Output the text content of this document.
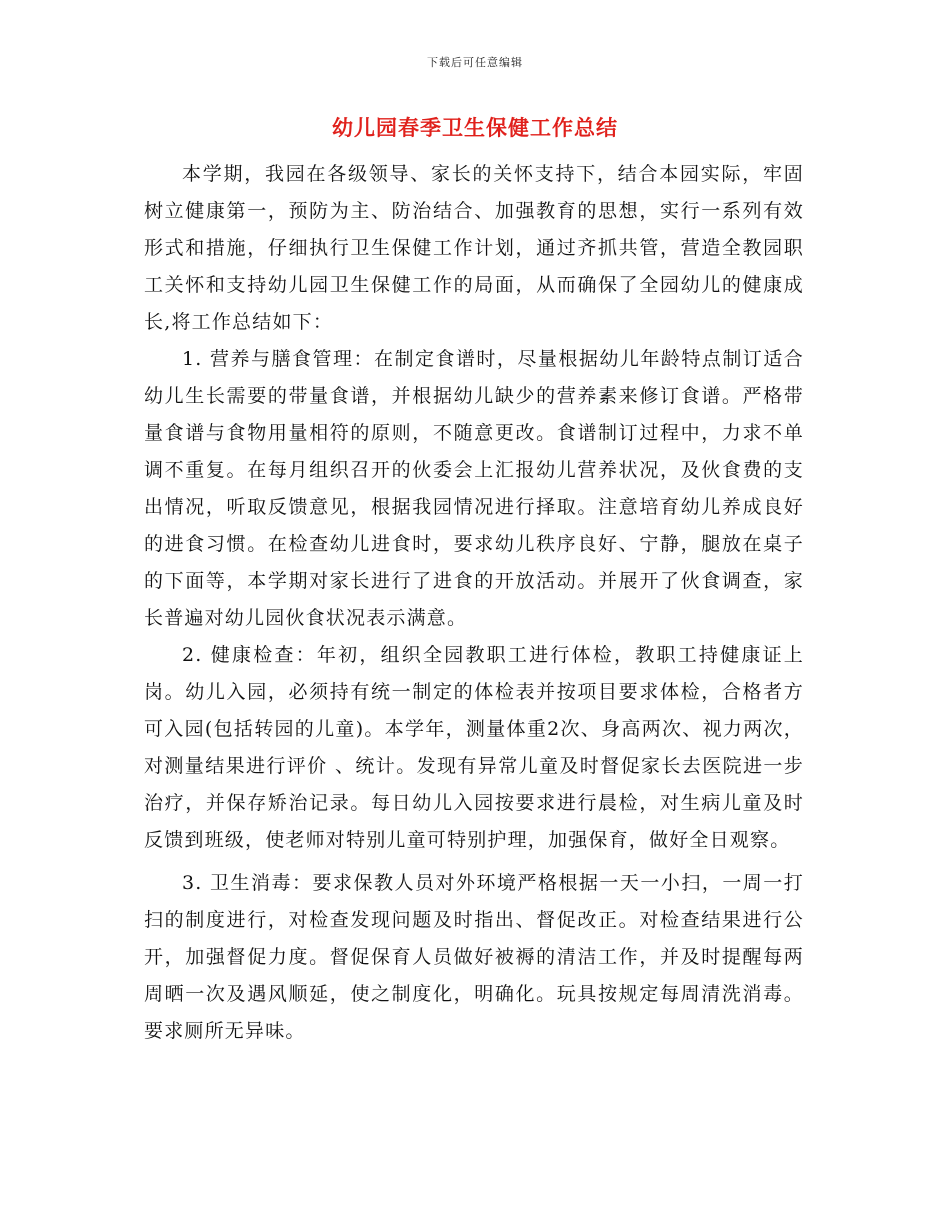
下载后可任意编辑
幼儿园春季卫生保健工作总结

本学期，我园在各级领导、家长的关怀支持下，结合本园实际，牢固树立健康第一，预防为主、防治结合、加强教育的思想，实行一系列有效形式和措施，仔细执行卫生保健工作计划，通过齐抓共管，营造全教园职工关怀和支持幼儿园卫生保健工作的局面，从而确保了全园幼儿的健康成长,将工作总结如下：

1. 营养与膳食管理：在制定食谱时，尽量根据幼儿年龄特点制订适合幼儿生长需要的带量食谱，并根据幼儿缺少的营养素来修订食谱。严格带量食谱与食物用量相符的原则，不随意更改。食谱制订过程中，力求不单调不重复。在每月组织召开的伙委会上汇报幼儿营养状况，及伙食费的支出情况，听取反馈意见，根据我园情况进行择取。注意培育幼儿养成良好的进食习惯。在检查幼儿进食时，要求幼儿秩序良好、宁静，腿放在桌子的下面等，本学期对家长进行了进食的开放活动。并展开了伙食调查，家长普遍对幼儿园伙食状况表示满意。

2. 健康检查：年初，组织全园教职工进行体检，教职工持健康证上岗。幼儿入园，必须持有统一制定的体检表并按项目要求体检，合格者方可入园(包括转园的儿童)。本学年，测量体重2次、身高两次、视力两次，对测量结果进行评价 、统计。发现有异常儿童及时督促家长去医院进一步治疗，并保存矫治记录。每日幼儿入园按要求进行晨检，对生病儿童及时反馈到班级，使老师对特别儿童可特别护理，加强保育，做好全日观察。

3. 卫生消毒：要求保教人员对外环境严格根据一天一小扫，一周一打扫的制度进行，对检查发现问题及时指出、督促改正。对检查结果进行公开，加强督促力度。督促保育人员做好被褥的清洁工作，并及时提醒每两周晒一次及遇风顺延，使之制度化，明确化。玩具按规定每周清洗消毒。要求厕所无异味。
